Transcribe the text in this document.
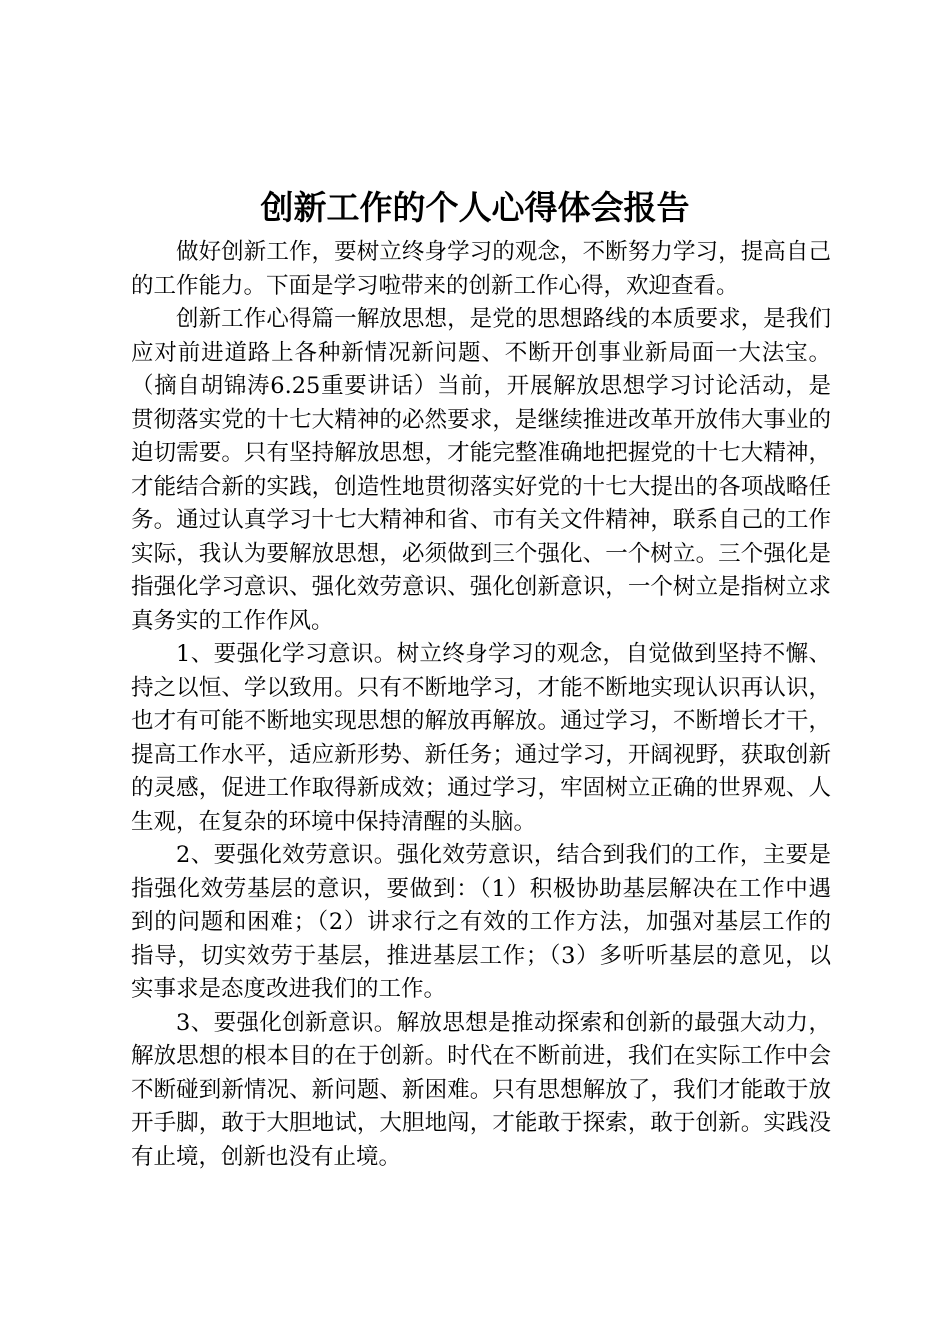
创新工作的个人心得体会报告

做好创新工作，要树立终身学习的观念，不断努力学习，提高自己的工作能力。下面是学习啦带来的创新工作心得，欢迎查看。

创新工作心得篇一解放思想，是党的思想路线的本质要求，是我们应对前进道路上各种新情况新问题、不断开创事业新局面一大法宝。（摘自胡锦涛6.25重要讲话）当前，开展解放思想学习讨论活动，是贯彻落实党的十七大精神的必然要求，是继续推进改革开放伟大事业的迫切需要。只有坚持解放思想，才能完整准确地把握党的十七大精神，才能结合新的实践，创造性地贯彻落实好党的十七大提出的各项战略任务。通过认真学习十七大精神和省、市有关文件精神，联系自己的工作实际，我认为要解放思想，必须做到三个强化、一个树立。三个强化是指强化学习意识、强化效劳意识、强化创新意识，一个树立是指树立求真务实的工作作风。

1、要强化学习意识。树立终身学习的观念，自觉做到坚持不懈、持之以恒、学以致用。只有不断地学习，才能不断地实现认识再认识，也才有可能不断地实现思想的解放再解放。通过学习，不断增长才干，提高工作水平，适应新形势、新任务；通过学习，开阔视野，获取创新的灵感，促进工作取得新成效；通过学习，牢固树立正确的世界观、人生观，在复杂的环境中保持清醒的头脑。

2、要强化效劳意识。强化效劳意识，结合到我们的工作，主要是指强化效劳基层的意识，要做到：（1）积极协助基层解决在工作中遇到的问题和困难；（2）讲求行之有效的工作方法，加强对基层工作的指导，切实效劳于基层，推进基层工作；（3）多听听基层的意见，以实事求是态度改进我们的工作。

3、要强化创新意识。解放思想是推动探索和创新的最强大动力，解放思想的根本目的在于创新。时代在不断前进，我们在实际工作中会不断碰到新情况、新问题、新困难。只有思想解放了，我们才能敢于放开手脚，敢于大胆地试，大胆地闯，才能敢于探索，敢于创新。实践没有止境，创新也没有止境。
